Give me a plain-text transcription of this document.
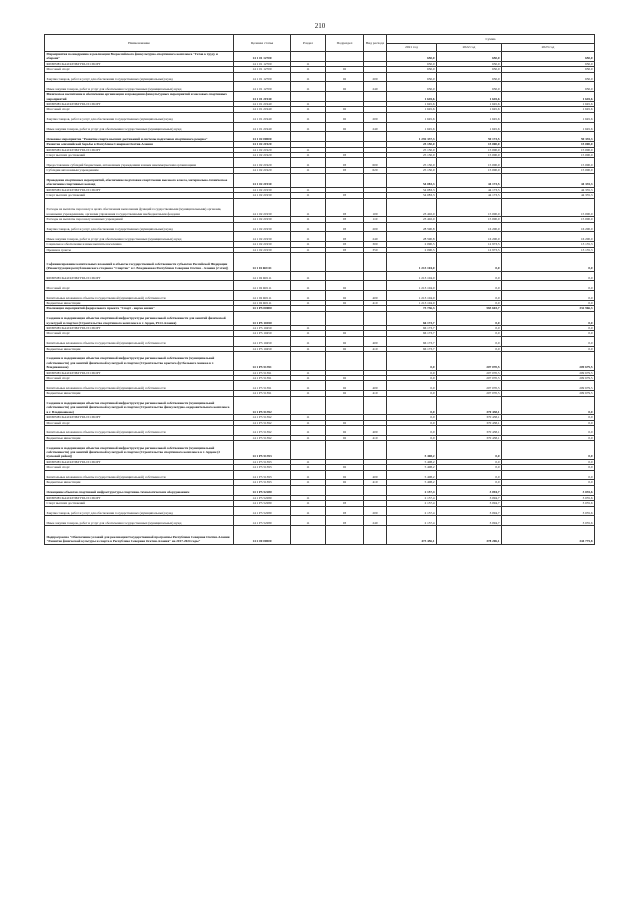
210
Наименование	Целевая статья	Раздел	Подраздел	Вид расхода	Сумма		
					2021 год	2022 год	2023 год
Мероприятия по внедрению и реализации Всероссийского физкультурно-спортивного комплекса "Готов к труду и обороне"	14 1 01 12700				650,0	650,0	650,0
ФИЗИЧЕСКАЯ КУЛЬТУРА И СПОРТ	14 1 01 12700	11			650,0	650,0	650,0
Массовый спорт	14 1 01 12700	11	02		650,0	650,0	650,0
Закупка товаров, работ и услуг для обеспечения государственных (муниципальных) нужд	14 1 01 12700	11	02	200	650,0	650,0	650,0
Иные закупки товаров, работ и услуг для обеспечения государственных (муниципальных) нужд	14 1 01 12700	11	02	240	650,0	650,0	650,0
Физическое воспитание и обеспечение организации и проведения физкультурных мероприятий и массовых спортивных мероприятий	14 1 01 21940				1 645,6	1 645,6	1 645,6
ФИЗИЧЕСКАЯ КУЛЬТУРА И СПОРТ	14 1 01 21940	11			1 645,6	1 645,6	1 645,6
Массовый спорт	14 1 01 21940	11	02		1 645,6	1 645,6	1 645,6
Закупка товаров, работ и услуг для обеспечения государственных (муниципальных) нужд	14 1 01 21940	11	02	200	1 645,6	1 645,6	1 645,6
Иные закупки товаров, работ и услуг для обеспечения государственных (муниципальных) нужд	14 1 01 21940	11	02	240	1 645,6	1 645,6	1 645,6
Основное мероприятие "Развитие спорта высших достижений и системы подготовки спортивного резерва"	14 1 02 00000				1 292 337,3	59 173,5	59 335,3
Развитие олимпийской борьбы в Республике Северная Осетия-Алания	14 1 02 21920				25 150,0	15 000,0	15 000,0
ФИЗИЧЕСКАЯ КУЛЬТУРА И СПОРТ	14 1 02 21920	11			25 150,0	15 000,0	15 000,0
Спорт высших достижений	14 1 02 21920	11	03		25 150,0	15 000,0	15 000,0
Предоставление субсидий бюджетным, автономным учреждениям и иным некоммерческим организациям	14 1 02 21920	11	03	600	25 150,0	15 000,0	15 000,0
Субсидии автономным учреждениям	14 1 02 21920	11	03	620	25 150,0	15 000,0	15 000,0
Проведение спортивных мероприятий, обеспечение подготовки спортсменов высокого класса, материально-техническое обеспечение спортивных команд	14 1 02 21930				54 083,3	44 173,5	44 335,3
ФИЗИЧЕСКАЯ КУЛЬТУРА И СПОРТ	14 1 02 21930	11			54 083,3	44 173,5	44 335,3
Спорт высших достижений	14 1 02 21930	11	03		54 083,3	44 173,5	44 335,3
Расходы на выплаты персоналу в целях обеспечения выполнения функций государственными (муниципальными) органами, казенными учреждениями, органами управления государственными внебюджетными фондами	14 1 02 21930	11	03	100	23 402,0	15 000,0	15 000,0
Расходы на выплаты персоналу казенных учреждений	14 1 02 21930	11	03	110	23 402,0	15 000,0	15 000,0
Закупка товаров, работ и услуг для обеспечения государственных (муниципальных) нужд	14 1 02 21930	11	03	200	28 590,8	16 200,0	16 200,0
Иные закупки товаров, работ и услуг для обеспечения государственных (муниципальных) нужд	14 1 02 21930	11	03	240	28 590,8	16 200,0	16 200,0
Социальное обеспечение и иные выплаты населению	14 1 02 21930	11	03	300	2 090,5	12 973,5	13 135,3
Премии и гранты	14 1 02 21930	11	03	350	2 090,5	12 973,5	13 135,3
Софинансирование капитальных вложений в объекты государственной собственности субъектов Российской Федерации (Реконструкция республиканского стадиона "Спартак" в г. Владикавказ Республики Северная Осетия - Алания (2 этап))	14 1 02 R0111				1 213 104,0	0,0	0,0
ФИЗИЧЕСКАЯ КУЛЬТУРА И СПОРТ	14 1 02 R0111	11			1 213 104,0	0,0	0,0
Массовый спорт	14 1 02 R0111	11	02		1 213 104,0	0,0	0,0
Капитальные вложения в объекты государственной (муниципальной) собственности	14 1 02 R0111	11	02	400	1 213 104,0	0,0	0,0
Бюджетные инвестиции	14 1 02 R0111	11	02	410	1 213 104,0	0,0	0,0
Реализация мероприятий федерального проекта "Спорт - норма жизни"	14 1 P5 00000				73 736,3	583 603,7	332 966,3
Создание и модернизация объектов спортивной инфраструктуры региональной собственности для занятий физической культурой и спортом (Строительство спортивного комплекса в г. Ардон, РСО-Алания)	14 1 P5 10450				66 173,7	0,0	0,0
ФИЗИЧЕСКАЯ КУЛЬТУРА И СПОРТ	14 1 P5 10450	11			66 173,7	0,0	0,0
Массовый спорт	14 1 P5 10450	11	02		66 173,7	0,0	0,0
Капитальные вложения в объекты государственной (муниципальной) собственности	14 1 P5 10450	11	02	400	66 173,7	0,0	0,0
Бюджетные инвестиции	14 1 P5 10450	11	02	410	66 173,7	0,0	0,0
Создание и модернизация объектов спортивной инфраструктуры региональной собственности (муниципальной собственности) для занятий физической культурой и спортом (Строительство крытого футбольного манежа в г. Владикавказе)	14 1 P5 51391				0,0	207 070,5	209 679,5
ФИЗИЧЕСКАЯ КУЛЬТУРА И СПОРТ	14 1 P5 51391	11			0,0	207 070,5	209 679,5
Массовый спорт	14 1 P5 51391	11	02		0,0	207 070,5	209 679,5
Капитальные вложения в объекты государственной (муниципальной) собственности	14 1 P5 51391	11	02	400	0,0	207 070,5	209 679,5
Бюджетные инвестиции	14 1 P5 51391	11	02	410	0,0	207 070,5	209 679,5
Создание и модернизация объектов спортивной инфраструктуры региональной собственности (муниципальной собственности) для занятий физической культурой и спортом (Строительство физкультурно-оздоровительного комплекса в г. Владикавказе)	14 1 P5 51392				0,0	370 438,1	0,0
ФИЗИЧЕСКАЯ КУЛЬТУРА И СПОРТ	14 1 P5 51392	11			0,0	370 438,1	0,0
Массовый спорт	14 1 P5 51392	11	02		0,0	370 438,1	0,0
Капитальные вложения в объекты государственной (муниципальной) собственности	14 1 P5 51392	11	02	400	0,0	370 438,1	0,0
Бюджетные инвестиции	14 1 P5 51392	11	02	410	0,0	370 438,1	0,0
Создание и модернизация объектов спортивной инфраструктуры региональной собственности (муниципальной собственности) для занятий физической культурой и спортом (Строительство спортивного комплекса в г. Ардоне (2 пусковой район))	14 1 P5 51393				5 408,2	0,0	0,0
ФИЗИЧЕСКАЯ КУЛЬТУРА И СПОРТ	14 1 P5 51393	11			5 408,2	0,0	0,0
Массовый спорт	14 1 P5 51393	11	02		5 408,2	0,0	0,0
Капитальные вложения в объекты государственной (муниципальной) собственности	14 1 P5 51393	11	02	400	5 408,2	0,0	0,0
Бюджетные инвестиции	14 1 P5 51393	11	02	410	5 408,2	0,0	0,0
Оснащение объектов спортивной инфраструктуры спортивно-технологическим оборудованием	14 1 P5 52280				2 157,4	3 094,7	3 035,6
ФИЗИЧЕСКАЯ КУЛЬТУРА И СПОРТ	14 1 P5 52280	11			2 157,4	3 094,7	3 035,6
Спорт высших достижений	14 1 P5 52280	11	03		2 157,4	3 094,7	3 035,6
Закупка товаров, работ и услуг для обеспечения государственных (муниципальных) нужд	14 1 P5 52280	11	03	200	2 157,4	3 094,7	3 035,6
Иные закупки товаров, работ и услуг для обеспечения государственных (муниципальных) нужд	14 1 P5 52280	11	03	240	2 157,4	3 094,7	3 035,6
Подпрограмма "Обеспечение условий для реализации Государственной программы Республики Северная Осетия-Алания "Развитие физической культуры и спорта в Республике Северная Осетия-Алания" на 2017-2024 годы"	14 2 00 00000				473 456,1	378 206,1	344 775,8
